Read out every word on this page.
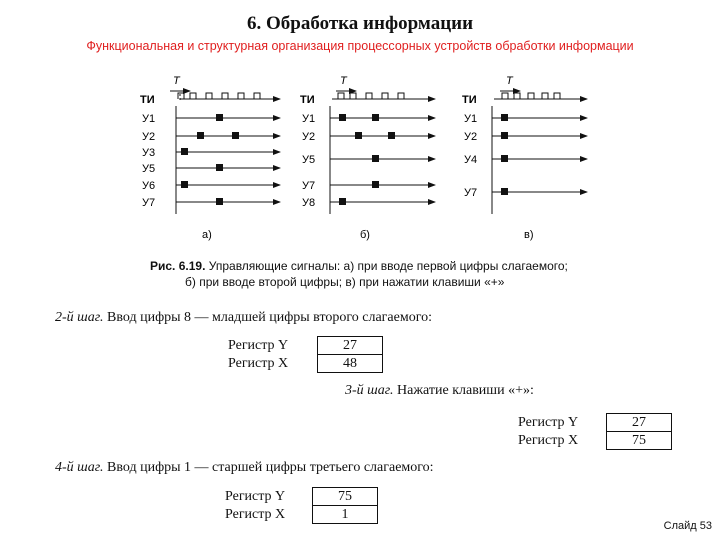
6. Обработка информации
Функциональная и структурная организация процессорных устройств обработки информации
ТИ
T
У1
У2
У3
У5
У6
У7
а)
ТИ
T
У1
У2
У5
У7
У8
б)
ТИ
T
У1
У2
У4
У7
в)
Рис. 6.19. Управляющие сигналы: а) при вводе первой цифры слагаемого;
б) при вводе второй цифры; в) при нажатии клавиши «+»
2-й шаг. Ввод цифры 8 — младшей цифры второго слагаемого:
Регистр Y
Регистр X
27
48
3-й шаг. Нажатие клавиши «+»:
Регистр Y
Регистр X
27
75
4-й шаг. Ввод цифры 1 — старшей цифры третьего слагаемого:
Регистр Y
Регистр X
75
1
Слайд 53
